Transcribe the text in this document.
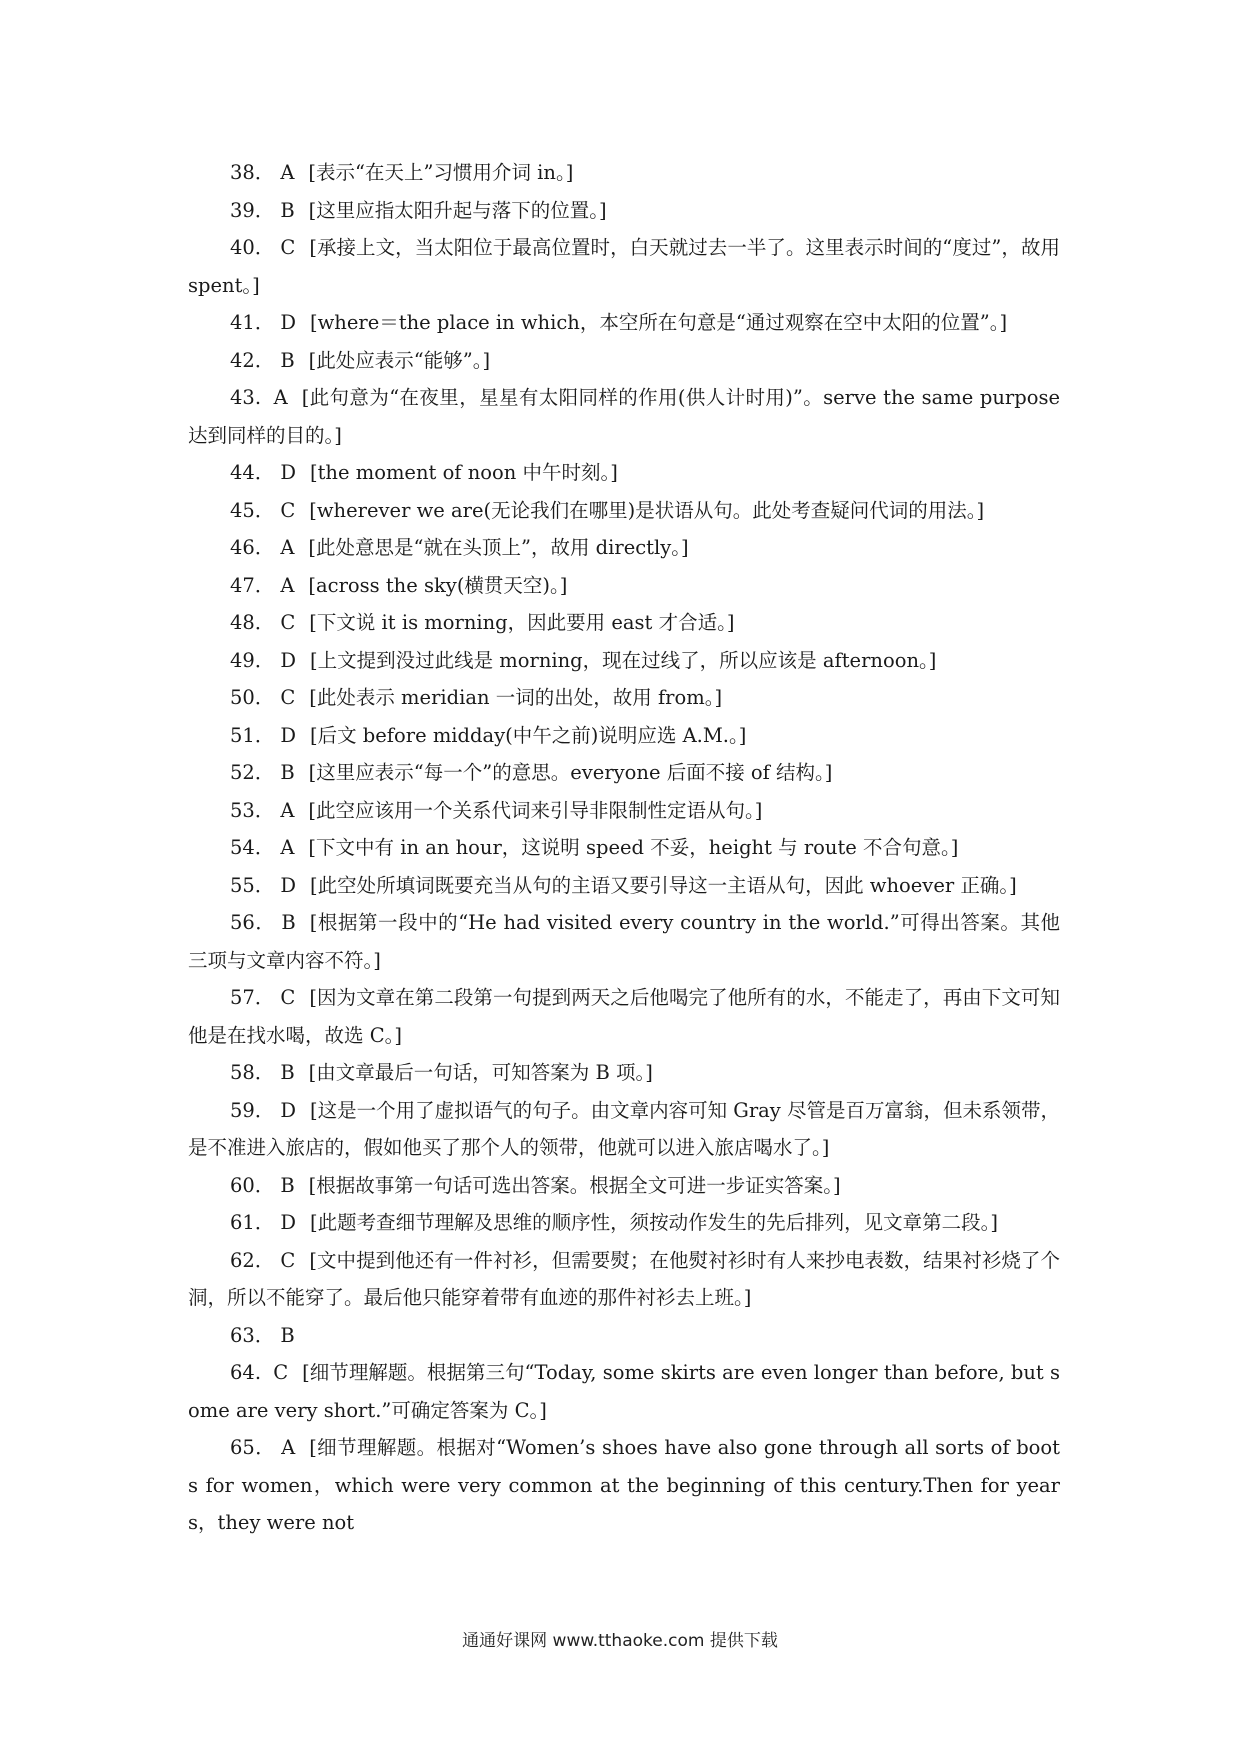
38． A [表示“在天上”习惯用介词 in。]

39． B [这里应指太阳升起与落下的位置。]

40． C [承接上文，当太阳位于最高位置时，白天就过去一半了。这里表示时间的“度过”，故用 spent。]

41． D [where＝the place in which，本空所在句意是“通过观察在空中太阳的位置”。]

42． B [此处应表示“能够”。]

43. A [此句意为“在夜里，星星有太阳同样的作用(供人计时用)”。serve the same purpose 达到同样的目的。]

44． D [the moment of noon 中午时刻。]

45． C [wherever we are(无论我们在哪里)是状语从句。此处考查疑问代词的用法。]

46． A [此处意思是“就在头顶上”，故用 directly。]

47． A [across the sky(横贯天空)。]

48． C [下文说 it is morning，因此要用 east 才合适。]

49． D [上文提到没过此线是 morning，现在过线了，所以应该是 afternoon。]

50． C [此处表示 meridian 一词的出处，故用 from。]

51． D [后文 before midday(中午之前)说明应选 A.M.。]

52． B [这里应表示“每一个”的意思。everyone 后面不接 of 结构。]

53． A [此空应该用一个关系代词来引导非限制性定语从句。]

54． A [下文中有 in an hour，这说明 speed 不妥，height 与 route 不合句意。]

55． D [此空处所填词既要充当从句的主语又要引导这一主语从句，因此 whoever 正确。]

56． B [根据第一段中的“He had visited every country in the world.”可得出答案。其他三项与文章内容不符。]

57． C [因为文章在第二段第一句提到两天之后他喝完了他所有的水，不能走了，再由下文可知他是在找水喝，故选 C。]

58． B [由文章最后一句话，可知答案为 B 项。]

59． D [这是一个用了虚拟语气的句子。由文章内容可知 Gray 尽管是百万富翁，但未系领带，是不准进入旅店的，假如他买了那个人的领带，他就可以进入旅店喝水了。]

60． B [根据故事第一句话可选出答案。根据全文可进一步证实答案。]

61． D [此题考查细节理解及思维的顺序性，须按动作发生的先后排列，见文章第二段。]

62． C [文中提到他还有一件衬衫，但需要熨；在他熨衬衫时有人来抄电表数，结果衬衫烧了个洞，所以不能穿了。最后他只能穿着带有血迹的那件衬衫去上班。]

63． B

64. C [细节理解题。根据第三句“Today, some skirts are even longer than before, but some are very short.”可确定答案为 C。]

65． A [细节理解题。根据对“Women’s shoes have also gone through all sorts of boots for women，which were very common at the beginning of this century.Then for years，they were not

通通好课网 www.tthaoke.com 提供下载
